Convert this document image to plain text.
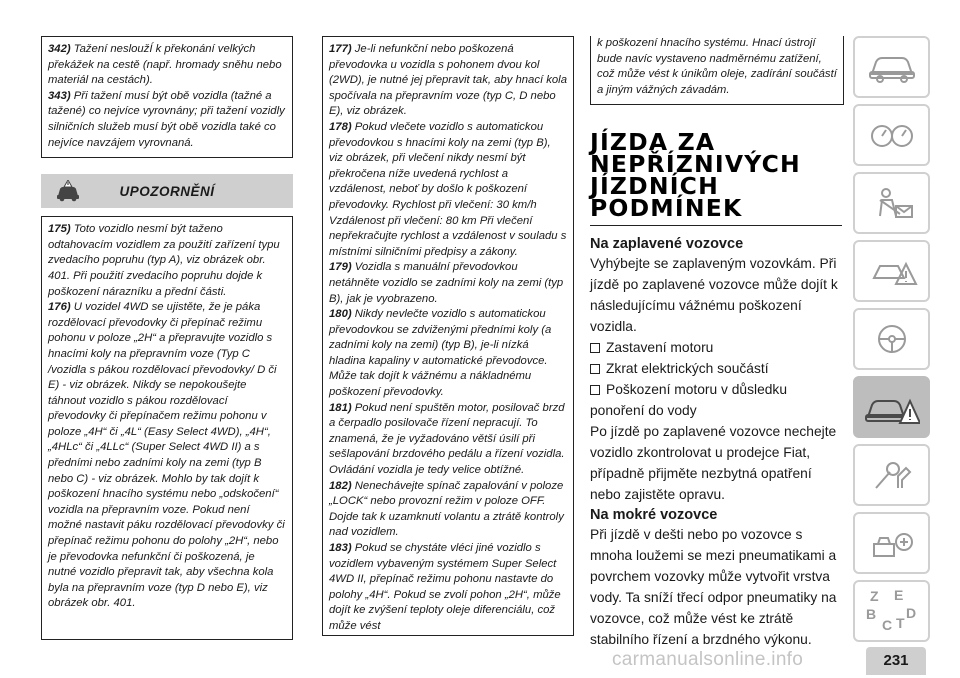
342) Tažení nesloužÍ k překonání velkých překážek na cestě (např. hromady sněhu nebo materiál na cestách).

343) Při tažení musí být obě vozidla (tažné a tažené) co nejvíce vyrovnány; při tažení vozidly silničních služeb musí být obě vozidla také co nejvíce navzájem vyrovnaná.

UPOZORNĚNÍ

175) Toto vozidlo nesmí být taženo odtahovacím vozidlem za použití zařízení typu zvedacího popruhu (typ A), viz obrázek obr. 401. Při použití zvedacího popruhu dojde k poškození nárazníku a přední části.

176) U vozidel 4WD se ujistěte, že je páka rozdělovací převodovky či přepínač režimu pohonu v poloze „2H“ a přepravujte vozidlo s hnacími koly na přepravním voze (Typ C /vozidla s pákou rozdělovací převodovky/ D či E) - viz obrázek. Nikdy se nepokoušejte táhnout vozidlo s pákou rozdělovací převodovky či přepínačem režimu pohonu v poloze „4H“ či „4L“ (Easy Select 4WD), „4H“, „4HLc“ či „4LLc“ (Super Select 4WD II) a s předními nebo zadními koly na zemi (typ B nebo C) - viz obrázek. Mohlo by tak dojít k poškození hnacího systému nebo „odskočení“ vozidla na přepravním voze. Pokud není možné nastavit páku rozdělovací převodovky či přepínač režimu pohonu do polohy „2H“, nebo je převodovka nefunkční či poškozená, je nutné vozidlo přepravit tak, aby všechna kola byla na přepravním voze (typ D nebo E), viz obrázek obr. 401.

177) Je-li nefunkční nebo poškozená převodovka u vozidla s pohonem dvou kol (2WD), je nutné jej přepravit tak, aby hnací kola spočívala na přepravním voze (typ C, D nebo E), viz obrázek.

178) Pokud vlečete vozidlo s automatickou převodovkou s hnacími koly na zemi (typ B), viz obrázek, při vlečení nikdy nesmí být překročena níže uvedená rychlost a vzdálenost, neboť by došlo k poškození převodovky. Rychlost při vlečení: 30 km/h Vzdálenost při vlečení: 80 km Při vlečení nepřekračujte rychlost a vzdálenost v souladu s místními silničními předpisy a zákony.

179) Vozidla s manuální převodovkou netáhněte vozidlo se zadními koly na zemi (typ B), jak je vyobrazeno.

180) Nikdy nevlečte vozidlo s automatickou převodovkou se zdviženými předními koly (a zadními koly na zemi) (typ B), je-li nízká hladina kapaliny v automatické převodovce. Může tak dojít k vážnému a nákladnému poškození převodovky.

181) Pokud není spuštěn motor, posilovač brzd a čerpadlo posilovače řízení nepracují. To znamená, že je vyžadováno větší úsilí při sešlapování brzdového pedálu a řízení vozidla. Ovládání vozidla je tedy velice obtížné.

182) Nenechávejte spínač zapalování v poloze „LOCK“ nebo provozní režim v poloze OFF. Dojde tak k uzamknutí volantu a ztrátě kontroly nad vozidlem.

183) Pokud se chystáte vléci jiné vozidlo s vozidlem vybaveným systémem Super Select 4WD II, přepínač režimu pohonu nastavte do polohy „4H“. Pokud se zvolí pohon „2H“, může dojít ke zvýšení teploty oleje diferenciálu, což může vést

k poškození hnacího systému. Hnací ústrojí bude navíc vystaveno nadměrnému zatížení, což může vést k únikům oleje, zadírání součástí a jiným vážných závadám.

JÍZDA ZA
NEPŘÍZNIVÝCH
JÍZDNÍCH
PODMÍNEK
Na zaplavené vozovce

Vyhýbejte se zaplaveným vozovkám. Při jízdě po zaplavené vozovce může dojít k následujícímu vážnému poškození vozidla.

Zastavení motoru
Zkrat elektrických součástí
Poškození motoru v důsledku

ponoření do vody

Po jízdě po zaplavené vozovce nechejte vozidlo zkontrolovat u prodejce Fiat, případně přijměte nezbytná opatření nebo zajistěte opravu.

Na mokré vozovce

Při jízdě v dešti nebo po vozovce s mnoha loužemi se mezi pneumatikami a povrchem vozovky může vytvořit vrstva vody. Ta sníží třecí odpor pneumatiky na vozovce, což může vést ke ztrátě stabilního řízení a brzdného výkonu.

Z E
B
C T
D
carmanualsonline.info	231
